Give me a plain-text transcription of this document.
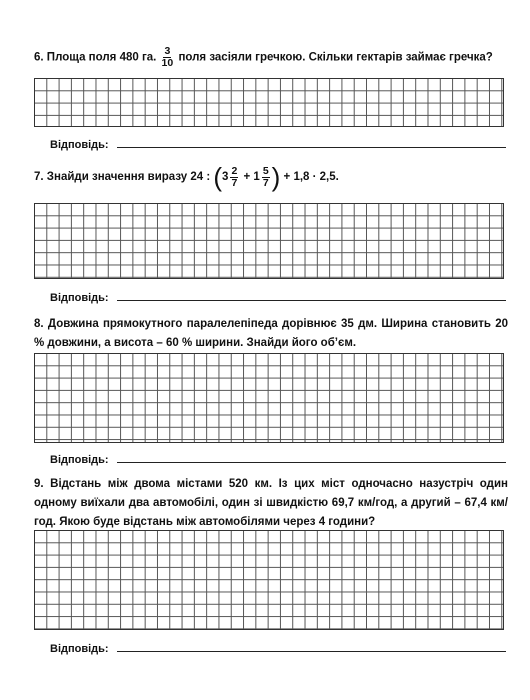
6. Площа поля 480 га. $\frac{3}{10}$ поля засіяли гречкою. Скільки гектарів займає гречка?
Відповідь:
7. Знайди значення виразу 24 : ( $3 \frac{2}{7} + 1 \frac{5}{7}$ ) + 1,8 · 2,5.
Відповідь:
8. Довжина прямокутного паралелепіпеда дорівнює 35 дм. Ширина становить 20 % довжини, а висота – 60 % ширини. Знайди його об’єм.
Відповідь:
9. Відстань між двома містами 520 км. Із цих міст одночасно назустріч один одному виїхали два автомобілі, один зі швидкістю 69,7 км/год, а другий – 67,4 км/год. Якою буде відстань між автомобілями через 4 години?
Відповідь:
